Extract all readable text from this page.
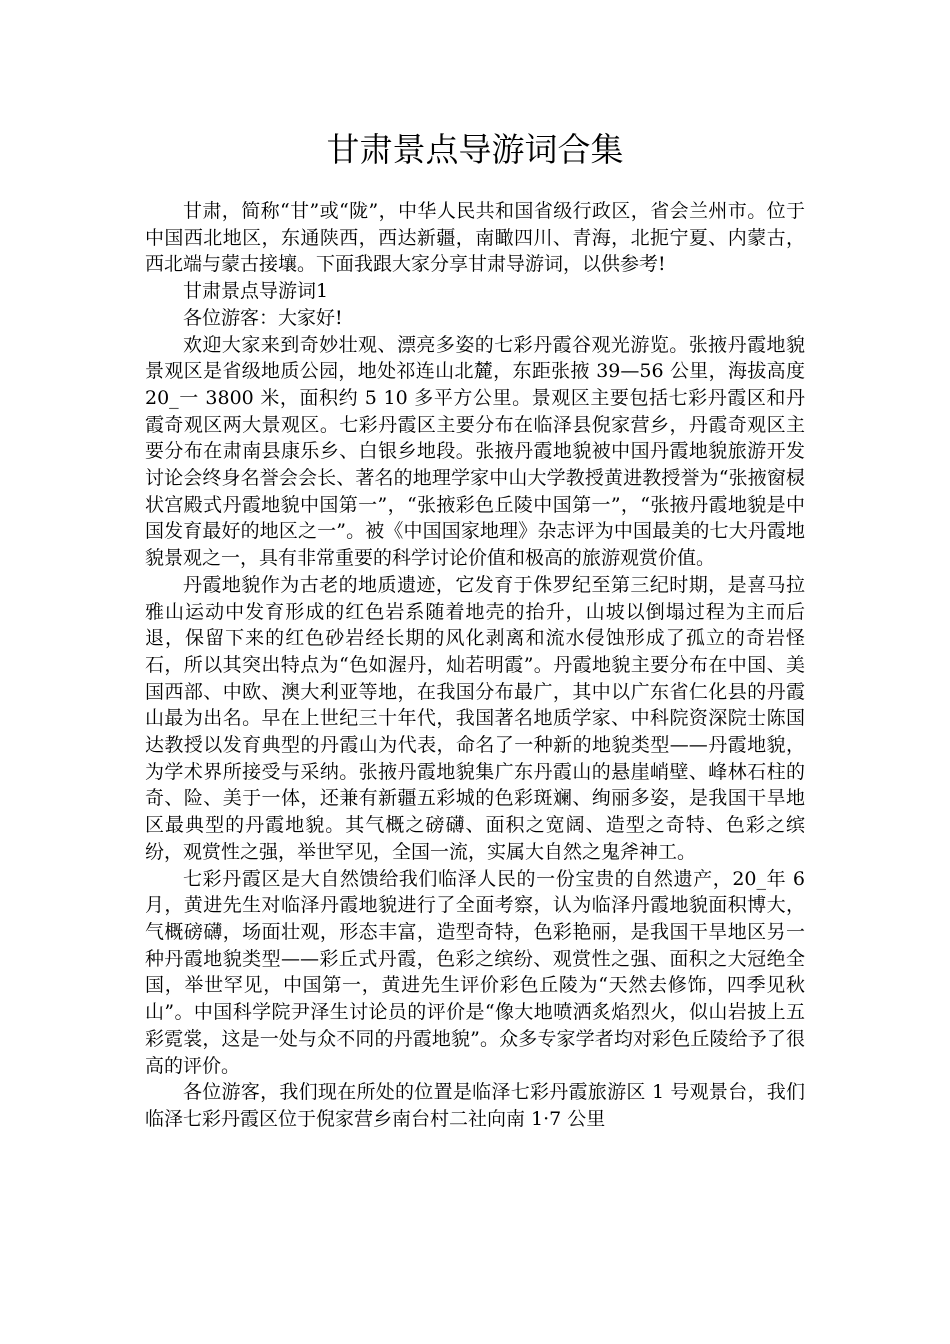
甘肃景点导游词合集

甘肃，简称“甘”或“陇”，中华人民共和国省级行政区，省会兰州市。位于中国西北地区，东通陕西，西达新疆，南瞰四川、青海，北扼宁夏、内蒙古，西北端与蒙古接壤。下面我跟大家分享甘肃导游词，以供参考!

甘肃景点导游词1

各位游客：大家好!

欢迎大家来到奇妙壮观、漂亮多姿的七彩丹霞谷观光游览。张掖丹霞地貌景观区是省级地质公园，地处祁连山北麓，东距张掖 39—56 公里，海拔高度 20_一 3800 米，面积约 5 10 多平方公里。景观区主要包括七彩丹霞区和丹霞奇观区两大景观区。七彩丹霞区主要分布在临泽县倪家营乡，丹霞奇观区主要分布在肃南县康乐乡、白银乡地段。张掖丹霞地貌被中国丹霞地貌旅游开发讨论会终身名誉会会长、著名的地理学家中山大学教授黄进教授誉为“张掖窗棂状宫殿式丹霞地貌中国第一”，“张掖彩色丘陵中国第一”，“张掖丹霞地貌是中国发育最好的地区之一”。被《中国国家地理》杂志评为中国最美的七大丹霞地貌景观之一，具有非常重要的科学讨论价值和极高的旅游观赏价值。

丹霞地貌作为古老的地质遗迹，它发育于侏罗纪至第三纪时期，是喜马拉雅山运动中发育形成的红色岩系随着地壳的抬升，山坡以倒塌过程为主而后退，保留下来的红色砂岩经长期的风化剥离和流水侵蚀形成了孤立的奇岩怪石，所以其突出特点为“色如渥丹，灿若明霞”。丹霞地貌主要分布在中国、美国西部、中欧、澳大利亚等地，在我国分布最广，其中以广东省仁化县的丹霞山最为出名。早在上世纪三十年代，我国著名地质学家、中科院资深院士陈国达教授以发育典型的丹霞山为代表，命名了一种新的地貌类型——丹霞地貌，为学术界所接受与采纳。张掖丹霞地貌集广东丹霞山的悬崖峭壁、峰林石柱的奇、险、美于一体，还兼有新疆五彩城的色彩斑斓、绚丽多姿，是我国干旱地区最典型的丹霞地貌。其气概之磅礴、面积之宽阔、造型之奇特、色彩之缤纷，观赏性之强，举世罕见，全国一流，实属大自然之鬼斧神工。

七彩丹霞区是大自然馈给我们临泽人民的一份宝贵的自然遗产，20_年 6 月，黄进先生对临泽丹霞地貌进行了全面考察，认为临泽丹霞地貌面积博大，气概磅礴，场面壮观，形态丰富，造型奇特，色彩艳丽，是我国干旱地区另一种丹霞地貌类型——彩丘式丹霞，色彩之缤纷、观赏性之强、面积之大冠绝全国，举世罕见，中国第一，黄进先生评价彩色丘陵为“天然去修饰，四季见秋山”。中国科学院尹泽生讨论员的评价是“像大地喷洒炙焰烈火，似山岩披上五彩霓裳，这是一处与众不同的丹霞地貌”。众多专家学者均对彩色丘陵给予了很高的评价。

各位游客，我们现在所处的位置是临泽七彩丹霞旅游区 1 号观景台，我们临泽七彩丹霞区位于倪家营乡南台村二社向南 1·7 公里
